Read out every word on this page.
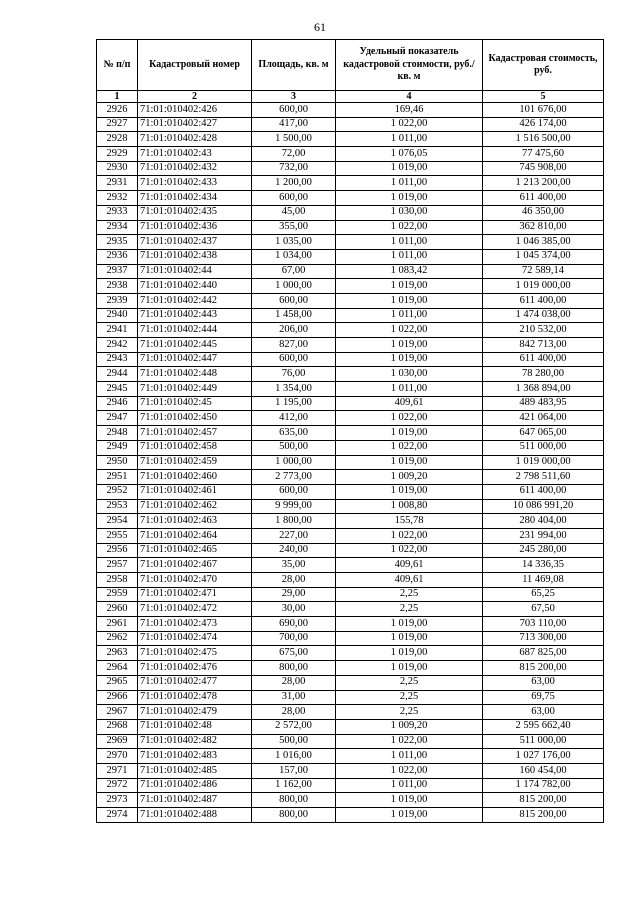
61
№ п/п	Кадастровый номер	Площадь, кв. м	Удельный показатель кадастровой стоимости, руб./кв. м	Кадастровая стоимость, руб.
1	2	3	4	5
2926	71:01:010402:426	600,00	169,46	101 676,00
2927	71:01:010402:427	417,00	1 022,00	426 174,00
2928	71:01:010402:428	1 500,00	1 011,00	1 516 500,00
2929	71:01:010402:43	72,00	1 076,05	77 475,60
2930	71:01:010402:432	732,00	1 019,00	745 908,00
2931	71:01:010402:433	1 200,00	1 011,00	1 213 200,00
2932	71:01:010402:434	600,00	1 019,00	611 400,00
2933	71:01:010402:435	45,00	1 030,00	46 350,00
2934	71:01:010402:436	355,00	1 022,00	362 810,00
2935	71:01:010402:437	1 035,00	1 011,00	1 046 385,00
2936	71:01:010402:438	1 034,00	1 011,00	1 045 374,00
2937	71:01:010402:44	67,00	1 083,42	72 589,14
2938	71:01:010402:440	1 000,00	1 019,00	1 019 000,00
2939	71:01:010402:442	600,00	1 019,00	611 400,00
2940	71:01:010402:443	1 458,00	1 011,00	1 474 038,00
2941	71:01:010402:444	206,00	1 022,00	210 532,00
2942	71:01:010402:445	827,00	1 019,00	842 713,00
2943	71:01:010402:447	600,00	1 019,00	611 400,00
2944	71:01:010402:448	76,00	1 030,00	78 280,00
2945	71:01:010402:449	1 354,00	1 011,00	1 368 894,00
2946	71:01:010402:45	1 195,00	409,61	489 483,95
2947	71:01:010402:450	412,00	1 022,00	421 064,00
2948	71:01:010402:457	635,00	1 019,00	647 065,00
2949	71:01:010402:458	500,00	1 022,00	511 000,00
2950	71:01:010402:459	1 000,00	1 019,00	1 019 000,00
2951	71:01:010402:460	2 773,00	1 009,20	2 798 511,60
2952	71:01:010402:461	600,00	1 019,00	611 400,00
2953	71:01:010402:462	9 999,00	1 008,80	10 086 991,20
2954	71:01:010402:463	1 800,00	155,78	280 404,00
2955	71:01:010402:464	227,00	1 022,00	231 994,00
2956	71:01:010402:465	240,00	1 022,00	245 280,00
2957	71:01:010402:467	35,00	409,61	14 336,35
2958	71:01:010402:470	28,00	409,61	11 469,08
2959	71:01:010402:471	29,00	2,25	65,25
2960	71:01:010402:472	30,00	2,25	67,50
2961	71:01:010402:473	690,00	1 019,00	703 110,00
2962	71:01:010402:474	700,00	1 019,00	713 300,00
2963	71:01:010402:475	675,00	1 019,00	687 825,00
2964	71:01:010402:476	800,00	1 019,00	815 200,00
2965	71:01:010402:477	28,00	2,25	63,00
2966	71:01:010402:478	31,00	2,25	69,75
2967	71:01:010402:479	28,00	2,25	63,00
2968	71:01:010402:48	2 572,00	1 009,20	2 595 662,40
2969	71:01:010402:482	500,00	1 022,00	511 000,00
2970	71:01:010402:483	1 016,00	1 011,00	1 027 176,00
2971	71:01:010402:485	157,00	1 022,00	160 454,00
2972	71:01:010402:486	1 162,00	1 011,00	1 174 782,00
2973	71:01:010402:487	800,00	1 019,00	815 200,00
2974	71:01:010402:488	800,00	1 019,00	815 200,00
